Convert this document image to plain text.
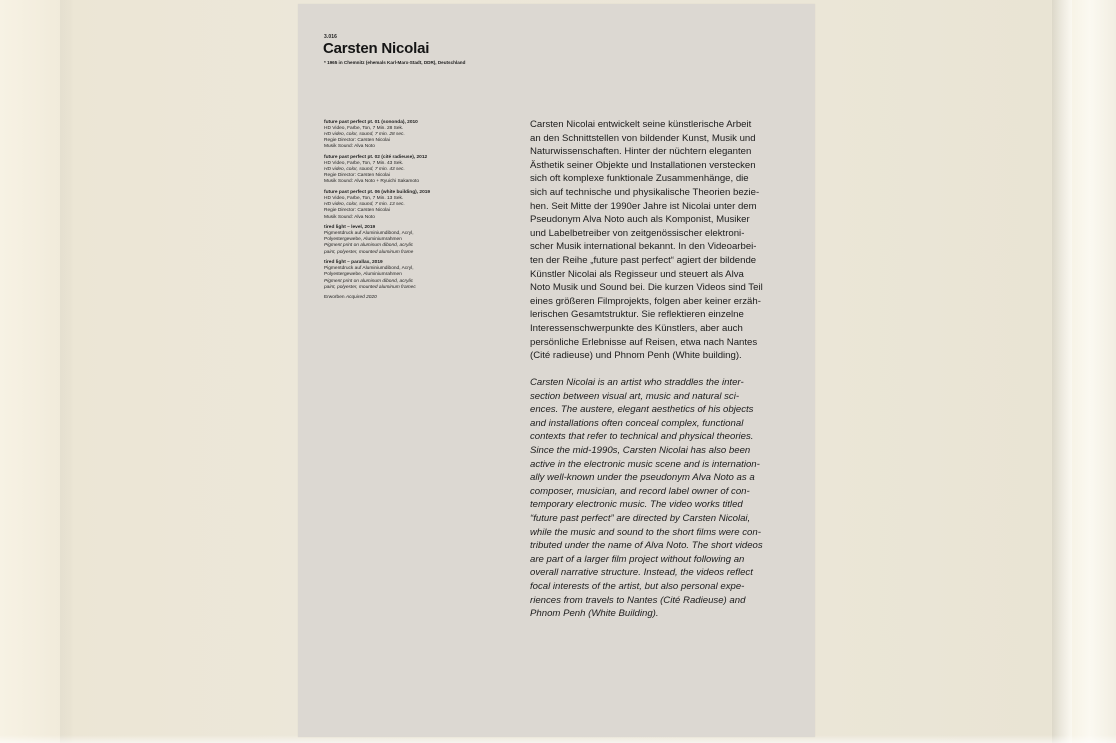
3.016
Carsten Nicolai
* 1965 in Chemnitz (ehemals Karl-Marx-Stadt, DDR), Deutschland
future past perfect pt. 01 (sononda), 2010
HD Video, Farbe, Ton, 7 Min. 28 Sek.
HD video, color, sound, 7 min. 28 sec.
Regie Director: Carsten Nicolai
Musik Sound: Alva Noto
future past perfect pt. 02 (cité radieuse), 2012
HD Video, Farbe, Ton, 7 Min. 43 Sek.
HD video, color, sound, 7 min. 43 sec.
Regie Director: Carsten Nicolai
Musik Sound: Alva Noto + Ryuichi Sakamoto
future past perfect pt. 06 (white building), 2019
HD Video, Farbe, Ton, 7 Min. 13 Sek.
HD video, color, sound, 7 min. 13 sec.
Regie Director: Carsten Nicolai
Musik Sound: Alva Noto
tired light – level, 2019
Pigmentdruck auf Aluminiumdibond, Acryl,
Polyestergewebe, Aluminiumrahmen
Pigment print on aluminum dibond, acrylic
paint, polyester, mounted aluminum frame
tired light – parallax, 2019
Pigmentdruck auf Aluminiumdibond, Acryl,
Polyestergewebe, Aluminiumrahmen
Pigment print on aluminum dibond, acrylic
paint, polyester, mounted aluminum framec
Erworben Acquired 2020
Carsten Nicolai entwickelt seine künstlerische Arbeit
an den Schnittstellen von bildender Kunst, Musik und
Naturwissenschaften. Hinter der nüchtern eleganten
Ästhetik seiner Objekte und Installationen verstecken
sich oft komplexe funktionale Zusammenhänge, die
sich auf technische und physikalische Theorien bezie-
hen. Seit Mitte der 1990er Jahre ist Nicolai unter dem
Pseudonym Alva Noto auch als Komponist, Musiker
und Labelbetreiber von zeitgenössischer elektroni-
scher Musik international bekannt. In den Videoarbei-
ten der Reihe „future past perfect“ agiert der bildende
Künstler Nicolai als Regisseur und steuert als Alva
Noto Musik und Sound bei. Die kurzen Videos sind Teil
eines größeren Filmprojekts, folgen aber keiner erzäh-
lerischen Gesamtstruktur. Sie reflektieren einzelne
Interessenschwerpunkte des Künstlers, aber auch
persönliche Erlebnisse auf Reisen, etwa nach Nantes
(Cité radieuse) und Phnom Penh (White building).
Carsten Nicolai is an artist who straddles the inter-
section between visual art, music and natural sci-
ences. The austere, elegant aesthetics of his objects
and installations often conceal complex, functional
contexts that refer to technical and physical theories.
Since the mid-1990s, Carsten Nicolai has also been
active in the electronic music scene and is internation-
ally well-known under the pseudonym Alva Noto as a
composer, musician, and record label owner of con-
temporary electronic music. The video works titled
“future past perfect” are directed by Carsten Nicolai,
while the music and sound to the short films were con-
tributed under the name of Alva Noto. The short videos
are part of a larger film project without following an
overall narrative structure. Instead, the videos reflect
focal interests of the artist, but also personal expe-
riences from travels to Nantes (Cité Radieuse) and
Phnom Penh (White Building).
